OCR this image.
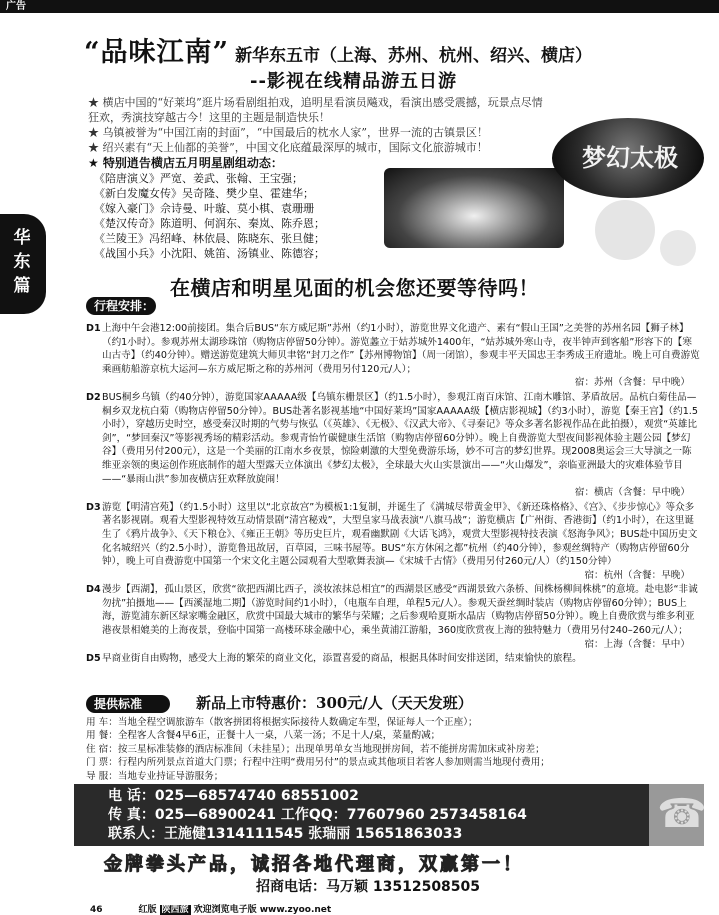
广告
华东篇
“品味江南” 新华东五市（上海、苏州、杭州、绍兴、横店）
--影视在线精品游五日游
梦幻太极

★ 横店中国的“好莱坞”逛片场看剧组拍戏，追明星看演员飚戏，看演出感受震撼，玩景点尽情

狂欢，秀演技穿越古今！这里的主题是制造快乐！

★ 乌镇被誉为“中国江南的封面”，“中国最后的枕水人家”，世界一流的古镇景区！

★ 绍兴素有“天上仙都的美誉”，中国文化底蕴最深厚的城市，国际文化旅游城市！

★ 特别逍告横店五月明星剧组动态：

《陪唐演义》严宽、姜武、张翰、王宝强；

《新白发魔女传》吴奇隆、樊少皇、霍建华；

《嫁入豪门》佘诗曼、叶璇、莫小棋、袁珊珊

《楚汉传奇》陈道明、何润东、秦岚、陈乔恩；

《兰陵王》冯绍峰、林依晨、陈晓东、张旦健；

《战国小兵》小沈阳、姚笛、汤镇业、陈德容；

在横店和明星见面的机会您还要等待吗！
行程安排：
D1 上海中午会港12:00前接团。集合后BUS“东方威尼斯”苏州（约1小时），游览世界文化遗产、素有“假山王国”之美誉的苏州名园【狮子林】（约1小时）。参观苏州太湖珍珠馆（购物店停留50分钟）。游览蠡立于姑苏城外1400年，“姑苏城外寒山寺，夜半钟声到客船”形容下的【寒山古寺】（约40分钟）。赠送游览建筑大师贝聿铭“封刀之作”【苏州博物馆】（周一闭馆），参观丰平天国忠王李秀成王府遗址。晚上可自费游览乘画舫船游京杭大运河—东方威尼斯之称的苏州河（费用另付120元/人）；

宿：苏州（含餐：早中晚）

D2 BUS桐乡乌镇（约40分钟），游览国家AAAAA级【乌镇东栅景区】（约1.5小时），参观江南百床馆、江南木雕馆、茅盾故居。品杭白菊佳品—桐乡双龙杭白菊（购物店停留50分钟）。BUS赴著名影视基地“中国好莱坞”国家AAAAA级【横店影视城】（约3小时），游览【秦王宫】（约1.5小时），穿越历史时空，感受秦汉时期的气势与恢弘（《英雄》、《无极》、《汉武大帝》、《寻秦记》等众多著名影视作品在此拍摄），观赏“英雄比剑”，“梦回秦汉”等影视秀场的精彩活动。参观青怡竹碳健康生活馆（购物店停留60分钟）。晚上自费游览大型夜间影视体验主题公园【梦幻谷】（费用另付200元），这是一个美丽的江南水乡夜景，惊险刺激的大型免费游乐场，妙不可言的梦幻世界。现2008奥运会三大导演之一陈维亚亲领的奥运创作班底制作的超大型露天立体演出《梦幻太极》，全球最大火山实景演出——“火山爆发”，亲临亚洲最大的灾难体验节目——“暴雨山洪”参加夜横店狂欢释放旋闹！

宿：横店（含餐：早中晚）

D3 游览【明清宫苑】（约1.5小时）这里以“北京故宫”为模板1:1复制，并诞生了《满城尽带黄金甲》、《新还珠格格》、《宫》、《步步惊心》等众多著名影视剧。观看大型影视特效互动情景剧“清宫秘戏”，大型皇家马战表演“八旗马战”；游览横店【广州街、香港街】（约1小时），在这里诞生了《鸦片战争》、《天下粮仓》、《雍正王朝》等历史巨片，观看幽默剧《大话飞鸿》，观赏大型影视特技表演《怒海争风》；BUS赴中国历史文化名城绍兴（约2.5小时），游览鲁迅故居，百草园，三味书屋等。BUS“东方休闲之都”杭州（约40分钟），参观丝绸特产（购物店停留60分钟），晚上可自费游览中国第一个宋文化主题公园观看大型歌舞表演—《宋城千古情》（费用另付260元/人）（约150分钟）

宿：杭州（含餐：早晚）

D4 漫步【西湖】，孤山景区，欣赏“欲把西湖比西子，淡妆浓抹总相宜”的西湖景区感受“西湖景致六条桥、间株杨柳间株桃”的意境。赴电影“非诚勿扰”拍摄地——【西溪湿地二期】（游览时间约1小时），（电瓶车自理，单程5元/人）。参观天蚕丝绸时装店（购物店停留60分钟）；BUS上海，游览浦东新区绿家嘴金融区，欣赏中国最大城市的繁华与荣耀；之后参观哈夏斯水晶店（购物店停留50分钟）。晚上自费欣赏与维多利亚港夜景相媲美的上海夜景，登临中国第一高楼环球金融中心，乘坐黄浦江游船，360度欣赏夜上海的独特魅力（费用另付240–260元/人）；

宿：上海（含餐：早中）

D5 早商业街自由购物，感受大上海的繁荣的商业文化，添置喜爱的商品，根据具体时间安排送团，结束愉快的旅程。

提供标准	新品上市特惠价：300元/人（天天发班）

用 车：当地全程空调旅游车（散客拼团将根据实际接待人数确定车型，保证每人一个正座）；

用 餐：全程客人含餐4早6正，正餐十人一桌，八菜一汤；不足十人/桌，菜量酌减；

住 宿：按三星标准装修的酒店标准间（未挂星）；出现单男单女当地现拼房间，若不能拼房需加床或补房差；

门 票：行程内所列景点首道大门票；行程中注明“费用另付”的景点或其他项目若客人参加则需当地现付费用；

导 服：当地专业持证导游服务；

电 话：025—68574740 68551002

传 真：025—68900241 工作QQ：77607960 2573458164

联系人：王施健1314111545 张瑞丽 15651863033

☎
金牌拳头产品，诚招各地代理商，双赢第一！
招商电话：马万颖 13512508505
46	红版 陕西旅 欢迎浏览电子版 www.zyoo.net
